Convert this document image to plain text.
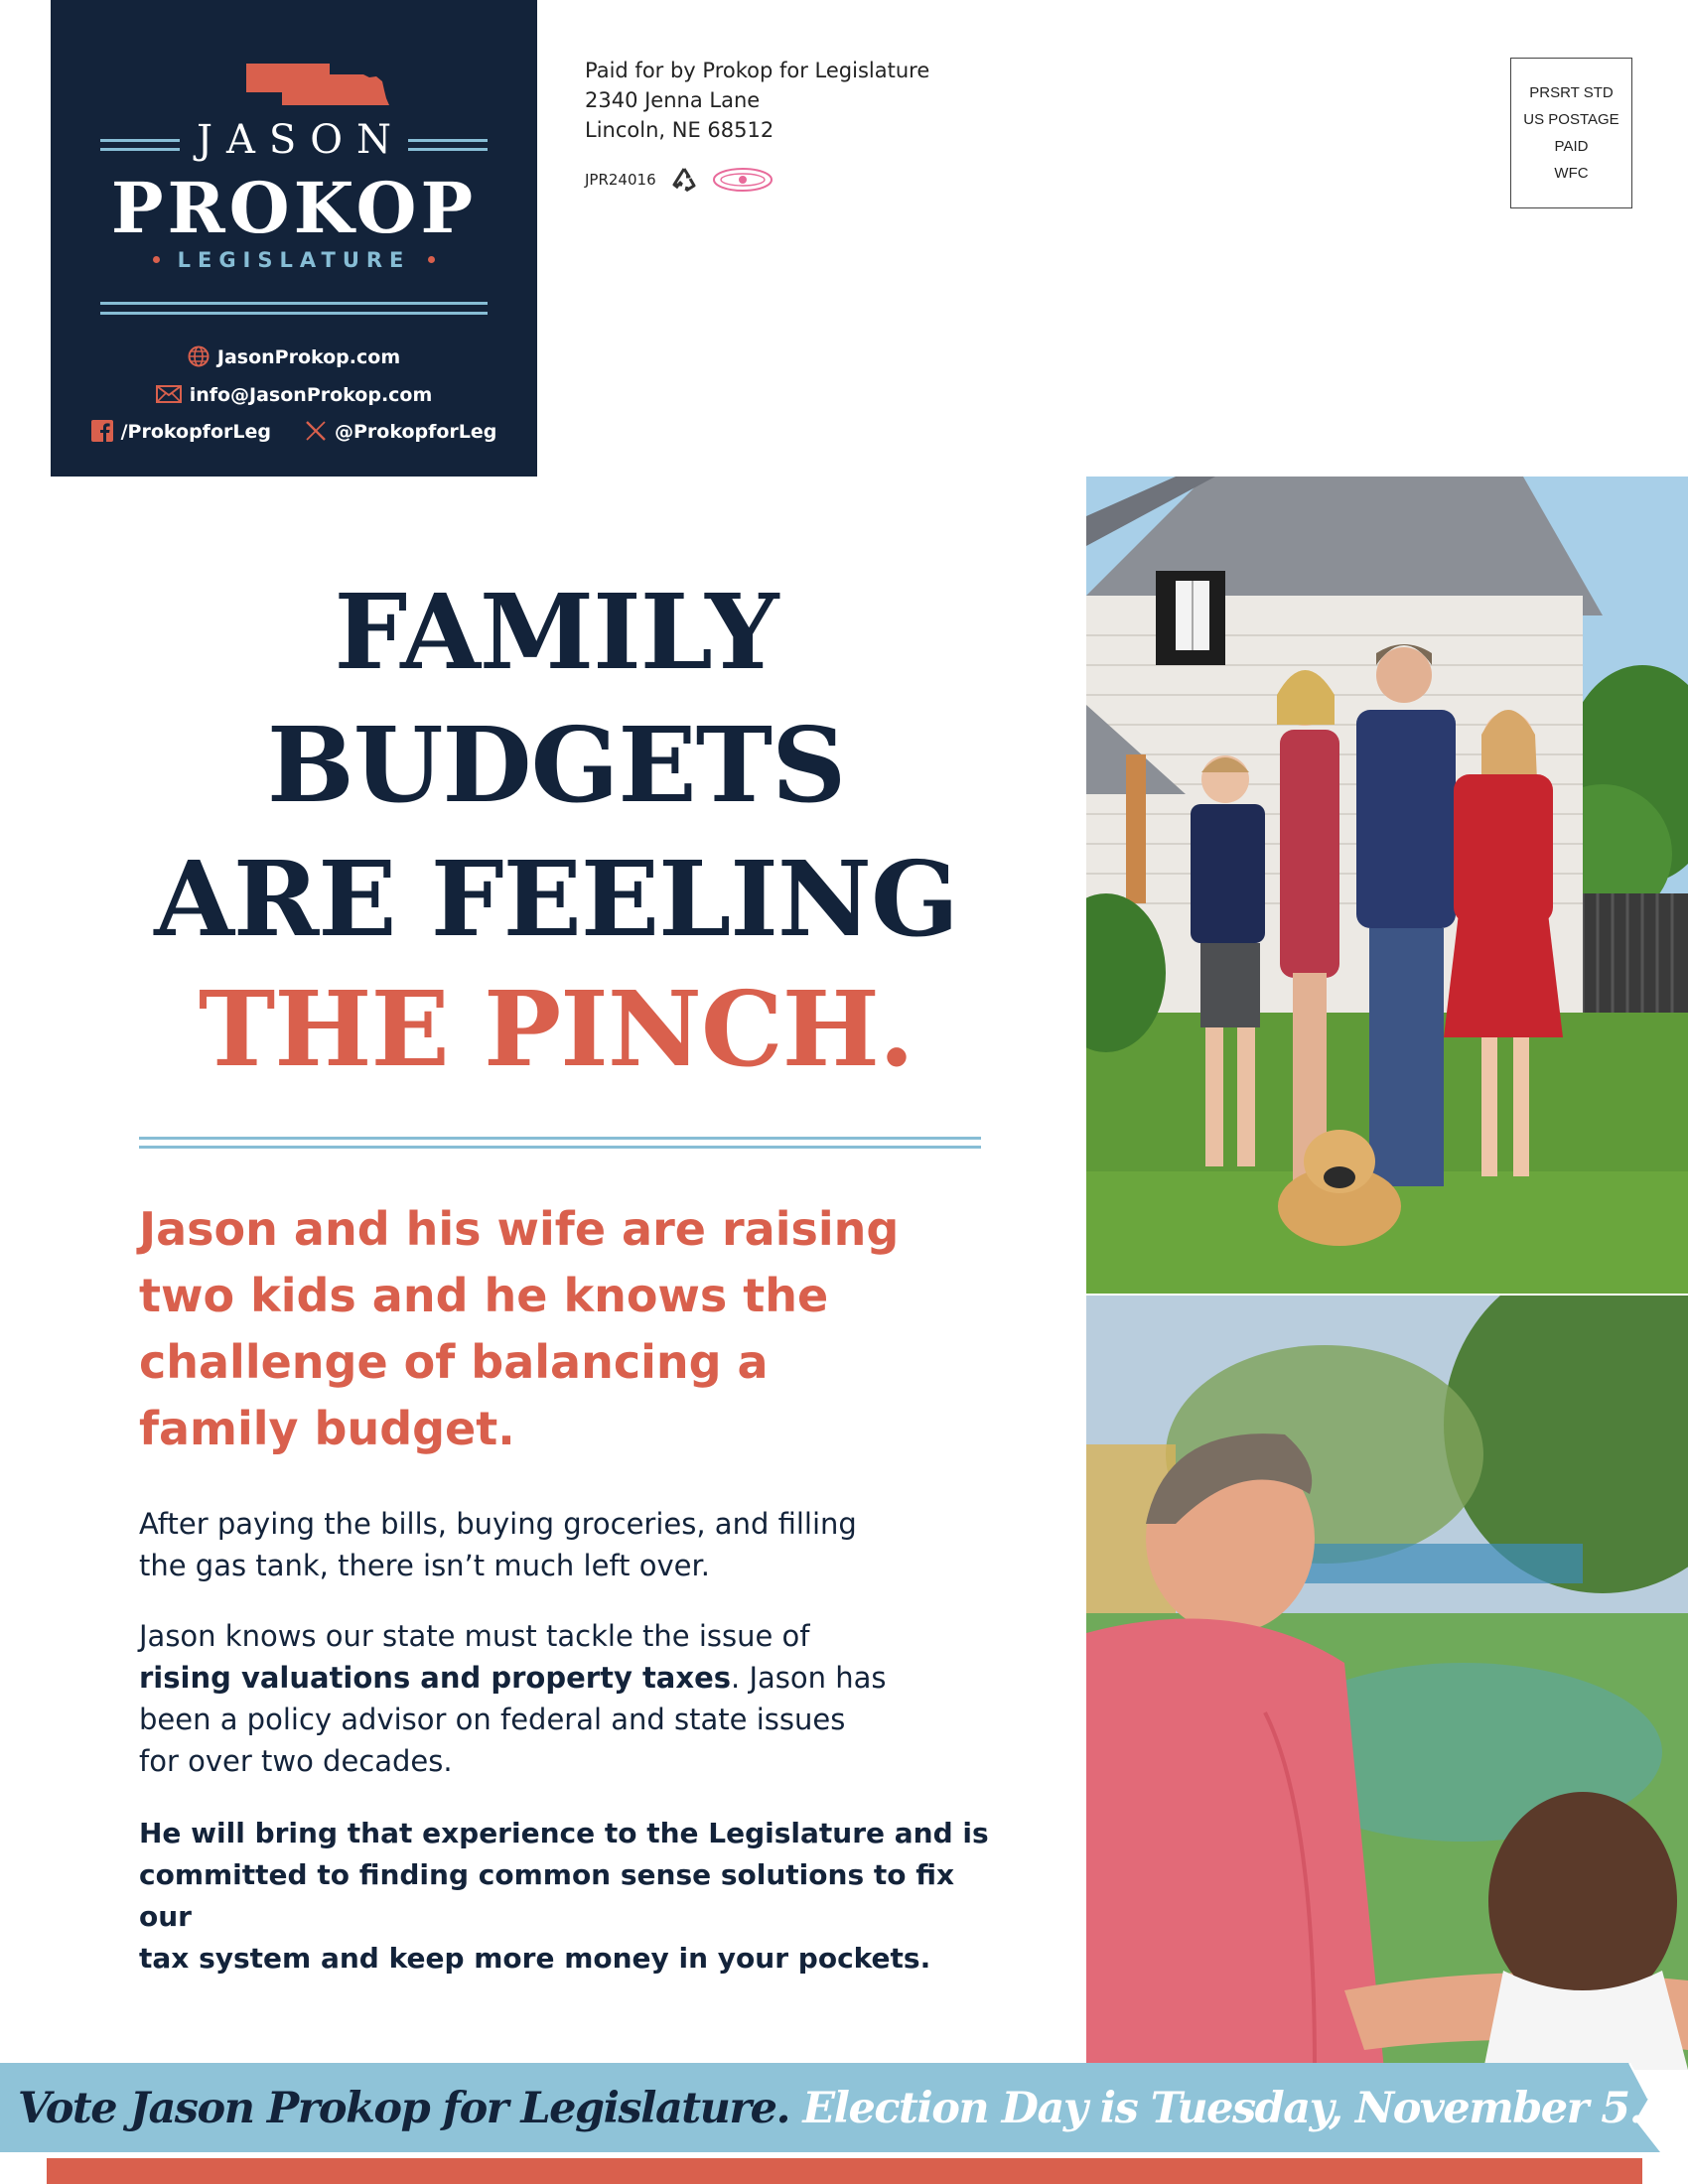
JASON
PROKOP
LEGISLATURE
JasonProkop.com
info@JasonProkop.com
/ProkopforLeg	@ProkopforLeg
Paid for by Prokop for Legislature
2340 Jenna Lane
Lincoln, NE 68512
JPR24016
PRSRT STD
US POSTAGE
PAID
WFC
FAMILY
BUDGETS
ARE FEELING
THE PINCH.
Jason and his wife are raising
two kids and he knows the
challenge of balancing a
family budget.
After paying the bills, buying groceries, and filling
the gas tank, there isn’t much left over.
Jason knows our state must tackle the issue of
rising valuations and property taxes. Jason has
been a policy advisor on federal and state issues
for over two decades.
He will bring that experience to the Legislature and is
committed to finding common sense solutions to fix our
tax system and keep more money in your pockets.
Vote Jason Prokop for Legislature. Election Day is Tuesday, November 5.
